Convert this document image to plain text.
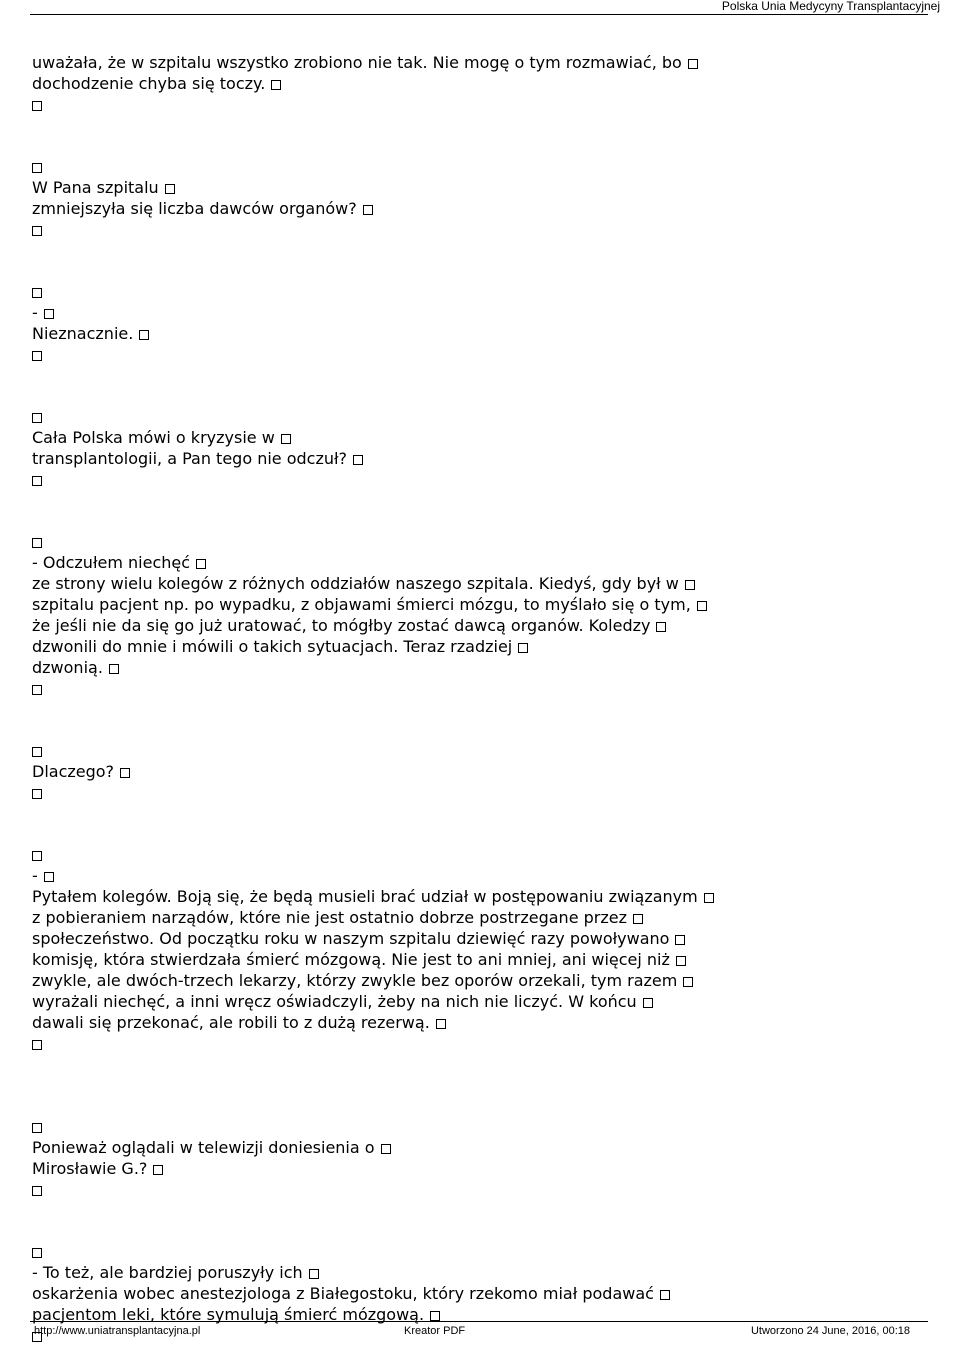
Polska Unia Medycyny Transplantacyjnej
uważała, że w szpitalu wszystko zrobiono nie tak. Nie mogę o tym rozmawiać, bo
dochodzenie chyba się toczy.
W Pana szpitalu
zmniejszyła się liczba dawców organów?
-
Nieznacznie.
Cała Polska mówi o kryzysie w
transplantologii, a Pan tego nie odczuł?
- Odczułem niechęć
ze strony wielu kolegów z różnych oddziałów naszego szpitala. Kiedyś, gdy był w
szpitalu pacjent np. po wypadku, z objawami śmierci mózgu, to myślało się o tym,
że jeśli nie da się go już uratować, to mógłby zostać dawcą organów. Koledzy
dzwonili do mnie i mówili o takich sytuacjach. Teraz rzadziej
dzwonią.
Dlaczego?
-
Pytałem kolegów. Boją się, że będą musieli brać udział w postępowaniu związanym
z pobieraniem narządów, które nie jest ostatnio dobrze postrzegane przez
społeczeństwo. Od początku roku w naszym szpitalu dziewięć razy powoływano
komisję, która stwierdzała śmierć mózgową. Nie jest to ani mniej, ani więcej niż
zwykle, ale dwóch-trzech lekarzy, którzy zwykle bez oporów orzekali, tym razem
wyrażali niechęć, a inni wręcz oświadczyli, żeby na nich nie liczyć. W końcu
dawali się przekonać, ale robili to z dużą rezerwą.
Ponieważ oglądali w telewizji doniesienia o
Mirosławie G.?
- To też, ale bardziej poruszyły ich
oskarżenia wobec anestezjologa z Białegostoku, który rzekomo miał podawać
pacjentom leki, które symulują śmierć mózgową.
http://www.uniatransplantacyjna.pl	Kreator PDF	Utworzono 24 June, 2016, 00:18
